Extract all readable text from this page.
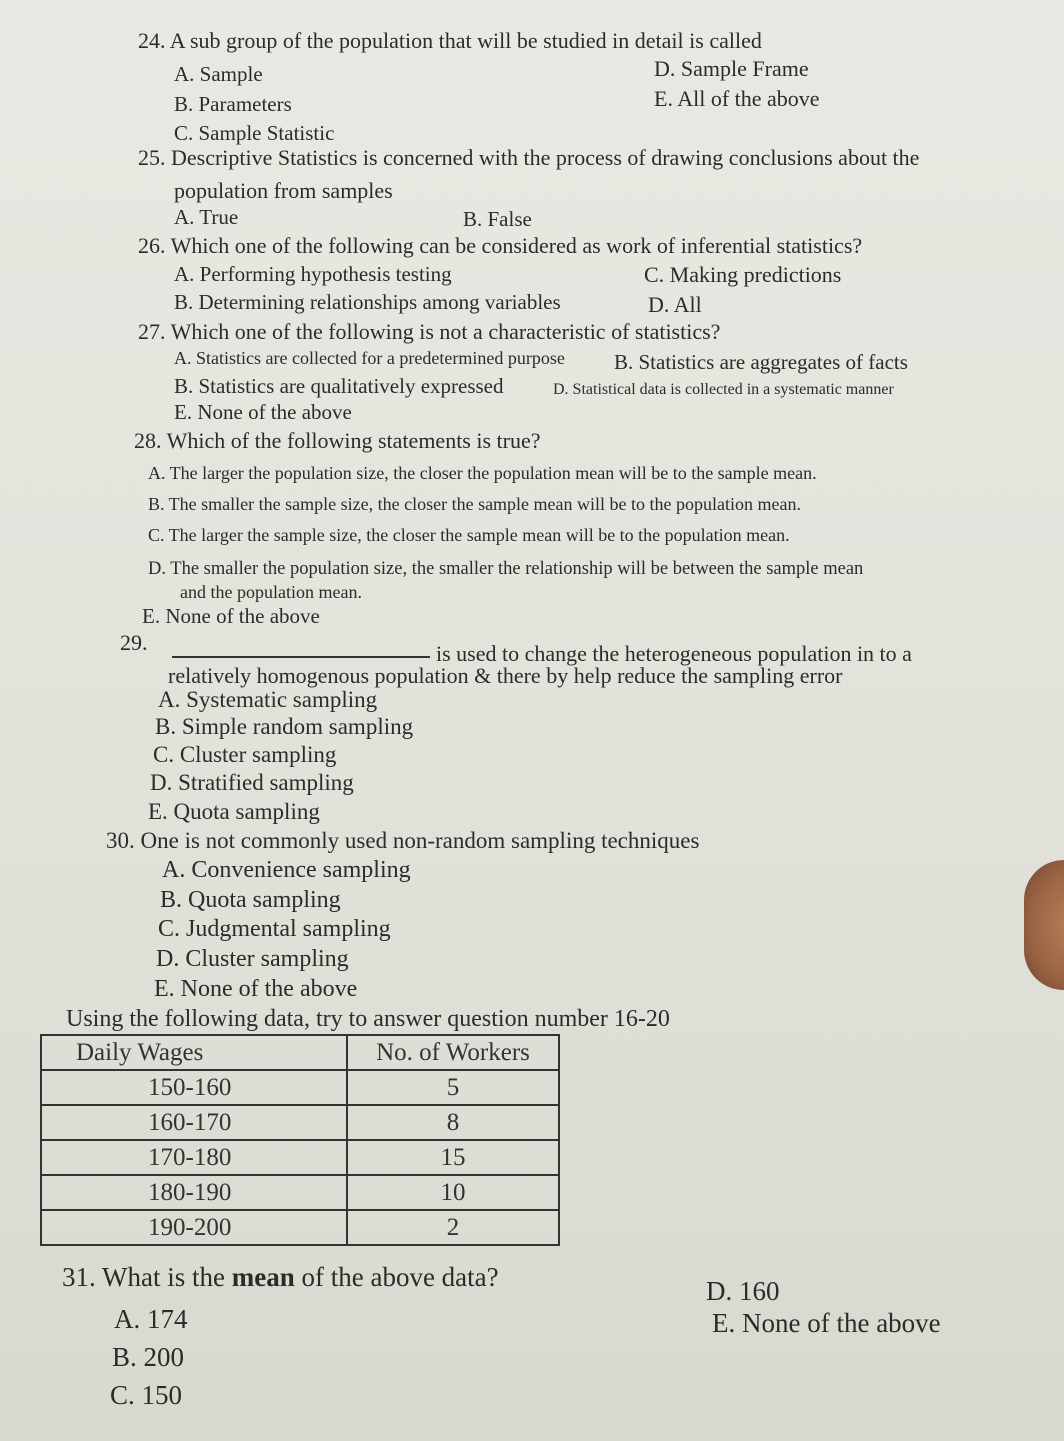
24. A sub group of the population that will be studied in detail is called
A. Sample
B. Parameters
C. Sample Statistic
D. Sample Frame
E. All of the above
25. Descriptive Statistics is concerned with the process of drawing conclusions about the
population from samples
A. True	B. False
26. Which one of the following can be considered as work of inferential statistics?
A. Performing hypothesis testing
B. Determining relationships among variables
C. Making predictions
D. All
27. Which one of the following is not a characteristic of statistics?
A. Statistics are collected for a predetermined purpose B. Statistics are aggregates of facts
B. Statistics are qualitatively expressed	D. Statistical data is collected in a systematic manner
E. None of the above
28. Which of the following statements is true?
A. The larger the population size, the closer the population mean will be to the sample mean.
B. The smaller the sample size, the closer the sample mean will be to the population mean.
C. The larger the sample size, the closer the sample mean will be to the population mean.
D. The smaller the population size, the smaller the relationship will be between the sample mean
and the population mean.
E. None of the above
29.	is used to change the heterogeneous population in to a
relatively homogenous population & there by help reduce the sampling error
A. Systematic sampling
B. Simple random sampling
C. Cluster sampling
D. Stratified sampling
E. Quota sampling
30. One is not commonly used non-random sampling techniques
A. Convenience sampling
B. Quota sampling
C. Judgmental sampling
D. Cluster sampling
E. None of the above
Using the following data, try to answer question number 16-20
Daily Wages	No. of Workers
150-160	5
160-170	8
170-180	15
180-190	10
190-200	2
31. What is the mean of the above data?
A. 174
B. 200
C. 150
D. 160
E. None of the above
